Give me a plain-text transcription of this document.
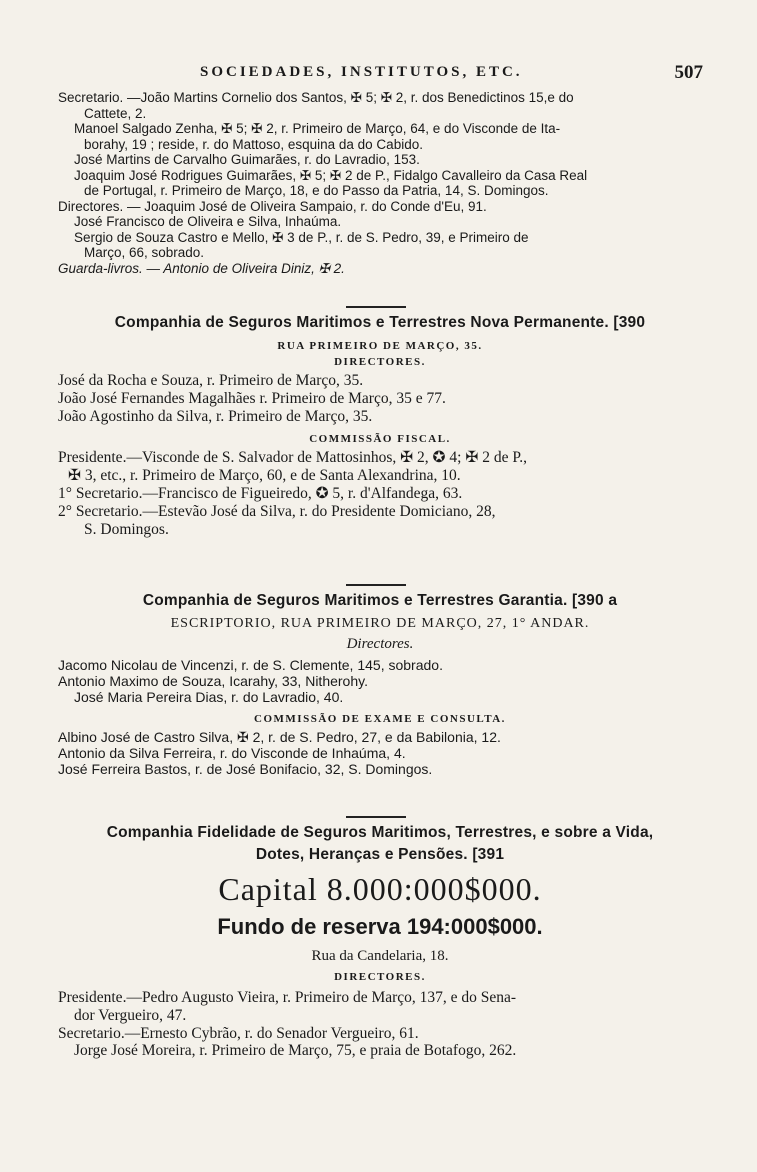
SOCIEDADES, INSTITUTOS, ETC.	507
Secretario. —João Martins Cornelio dos Santos, ✠ 5; ✠ 2, r. dos Benedictinos 15,e do
Cattete, 2.
Manoel Salgado Zenha, ✠ 5; ✠ 2, r. Primeiro de Março, 64, e do Visconde de Ita-
borahy, 19 ; reside, r. do Mattoso, esquina da do Cabido.
José Martins de Carvalho Guimarães, r. do Lavradio, 153.
Joaquim José Rodrigues Guimarães, ✠ 5; ✠ 2 de P., Fidalgo Cavalleiro da Casa Real
de Portugal, r. Primeiro de Março, 18, e do Passo da Patria, 14, S. Domingos.
Directores. — Joaquim José de Oliveira Sampaio, r. do Conde d'Eu, 91.
José Francisco de Oliveira e Silva, Inhaúma.
Sergio de Souza Castro e Mello, ✠ 3 de P., r. de S. Pedro, 39, e Primeiro de
Março, 66, sobrado.
Guarda-livros. — Antonio de Oliveira Diniz, ✠ 2.
Companhia de Seguros Maritimos e Terrestres Nova Permanente. [390
RUA PRIMEIRO DE MARÇO, 35.
DIRECTORES.
José da Rocha e Souza, r. Primeiro de Março, 35.
João José Fernandes Magalhães r. Primeiro de Março, 35 e 77.
João Agostinho da Silva, r. Primeiro de Março, 35.
COMMISSÃO FISCAL.
Presidente.—Visconde de S. Salvador de Mattosinhos, ✠ 2, ✪ 4; ✠ 2 de P.,
✠ 3, etc., r. Primeiro de Março, 60, e de Santa Alexandrina, 10.
1° Secretario.—Francisco de Figueiredo, ✪ 5, r. d'Alfandega, 63.
2° Secretario.—Estevão José da Silva, r. do Presidente Domiciano, 28,
S. Domingos.
Companhia de Seguros Maritimos e Terrestres Garantia. [390 a
ESCRIPTORIO, RUA PRIMEIRO DE MARÇO, 27, 1° ANDAR.
Directores.
Jacomo Nicolau de Vincenzi, r. de S. Clemente, 145, sobrado.
Antonio Maximo de Souza, Icarahy, 33, Nitherohy.
José Maria Pereira Dias, r. do Lavradio, 40.
COMMISSÃO DE EXAME E CONSULTA.
Albino José de Castro Silva, ✠ 2, r. de S. Pedro, 27, e da Babilonia, 12.
Antonio da Silva Ferreira, r. do Visconde de Inhaúma, 4.
José Ferreira Bastos, r. de José Bonifacio, 32, S. Domingos.
Companhia Fidelidade de Seguros Maritimos, Terrestres, e sobre a Vida,
Dotes, Heranças e Pensões. [391
Capital 8.000:000$000.
Fundo de reserva 194:000$000.
Rua da Candelaria, 18.
DIRECTORES.
Presidente.—Pedro Augusto Vieira, r. Primeiro de Março, 137, e do Sena-
dor Vergueiro, 47.
Secretario.—Ernesto Cybrão, r. do Senador Vergueiro, 61.
Jorge José Moreira, r. Primeiro de Março, 75, e praia de Botafogo, 262.
